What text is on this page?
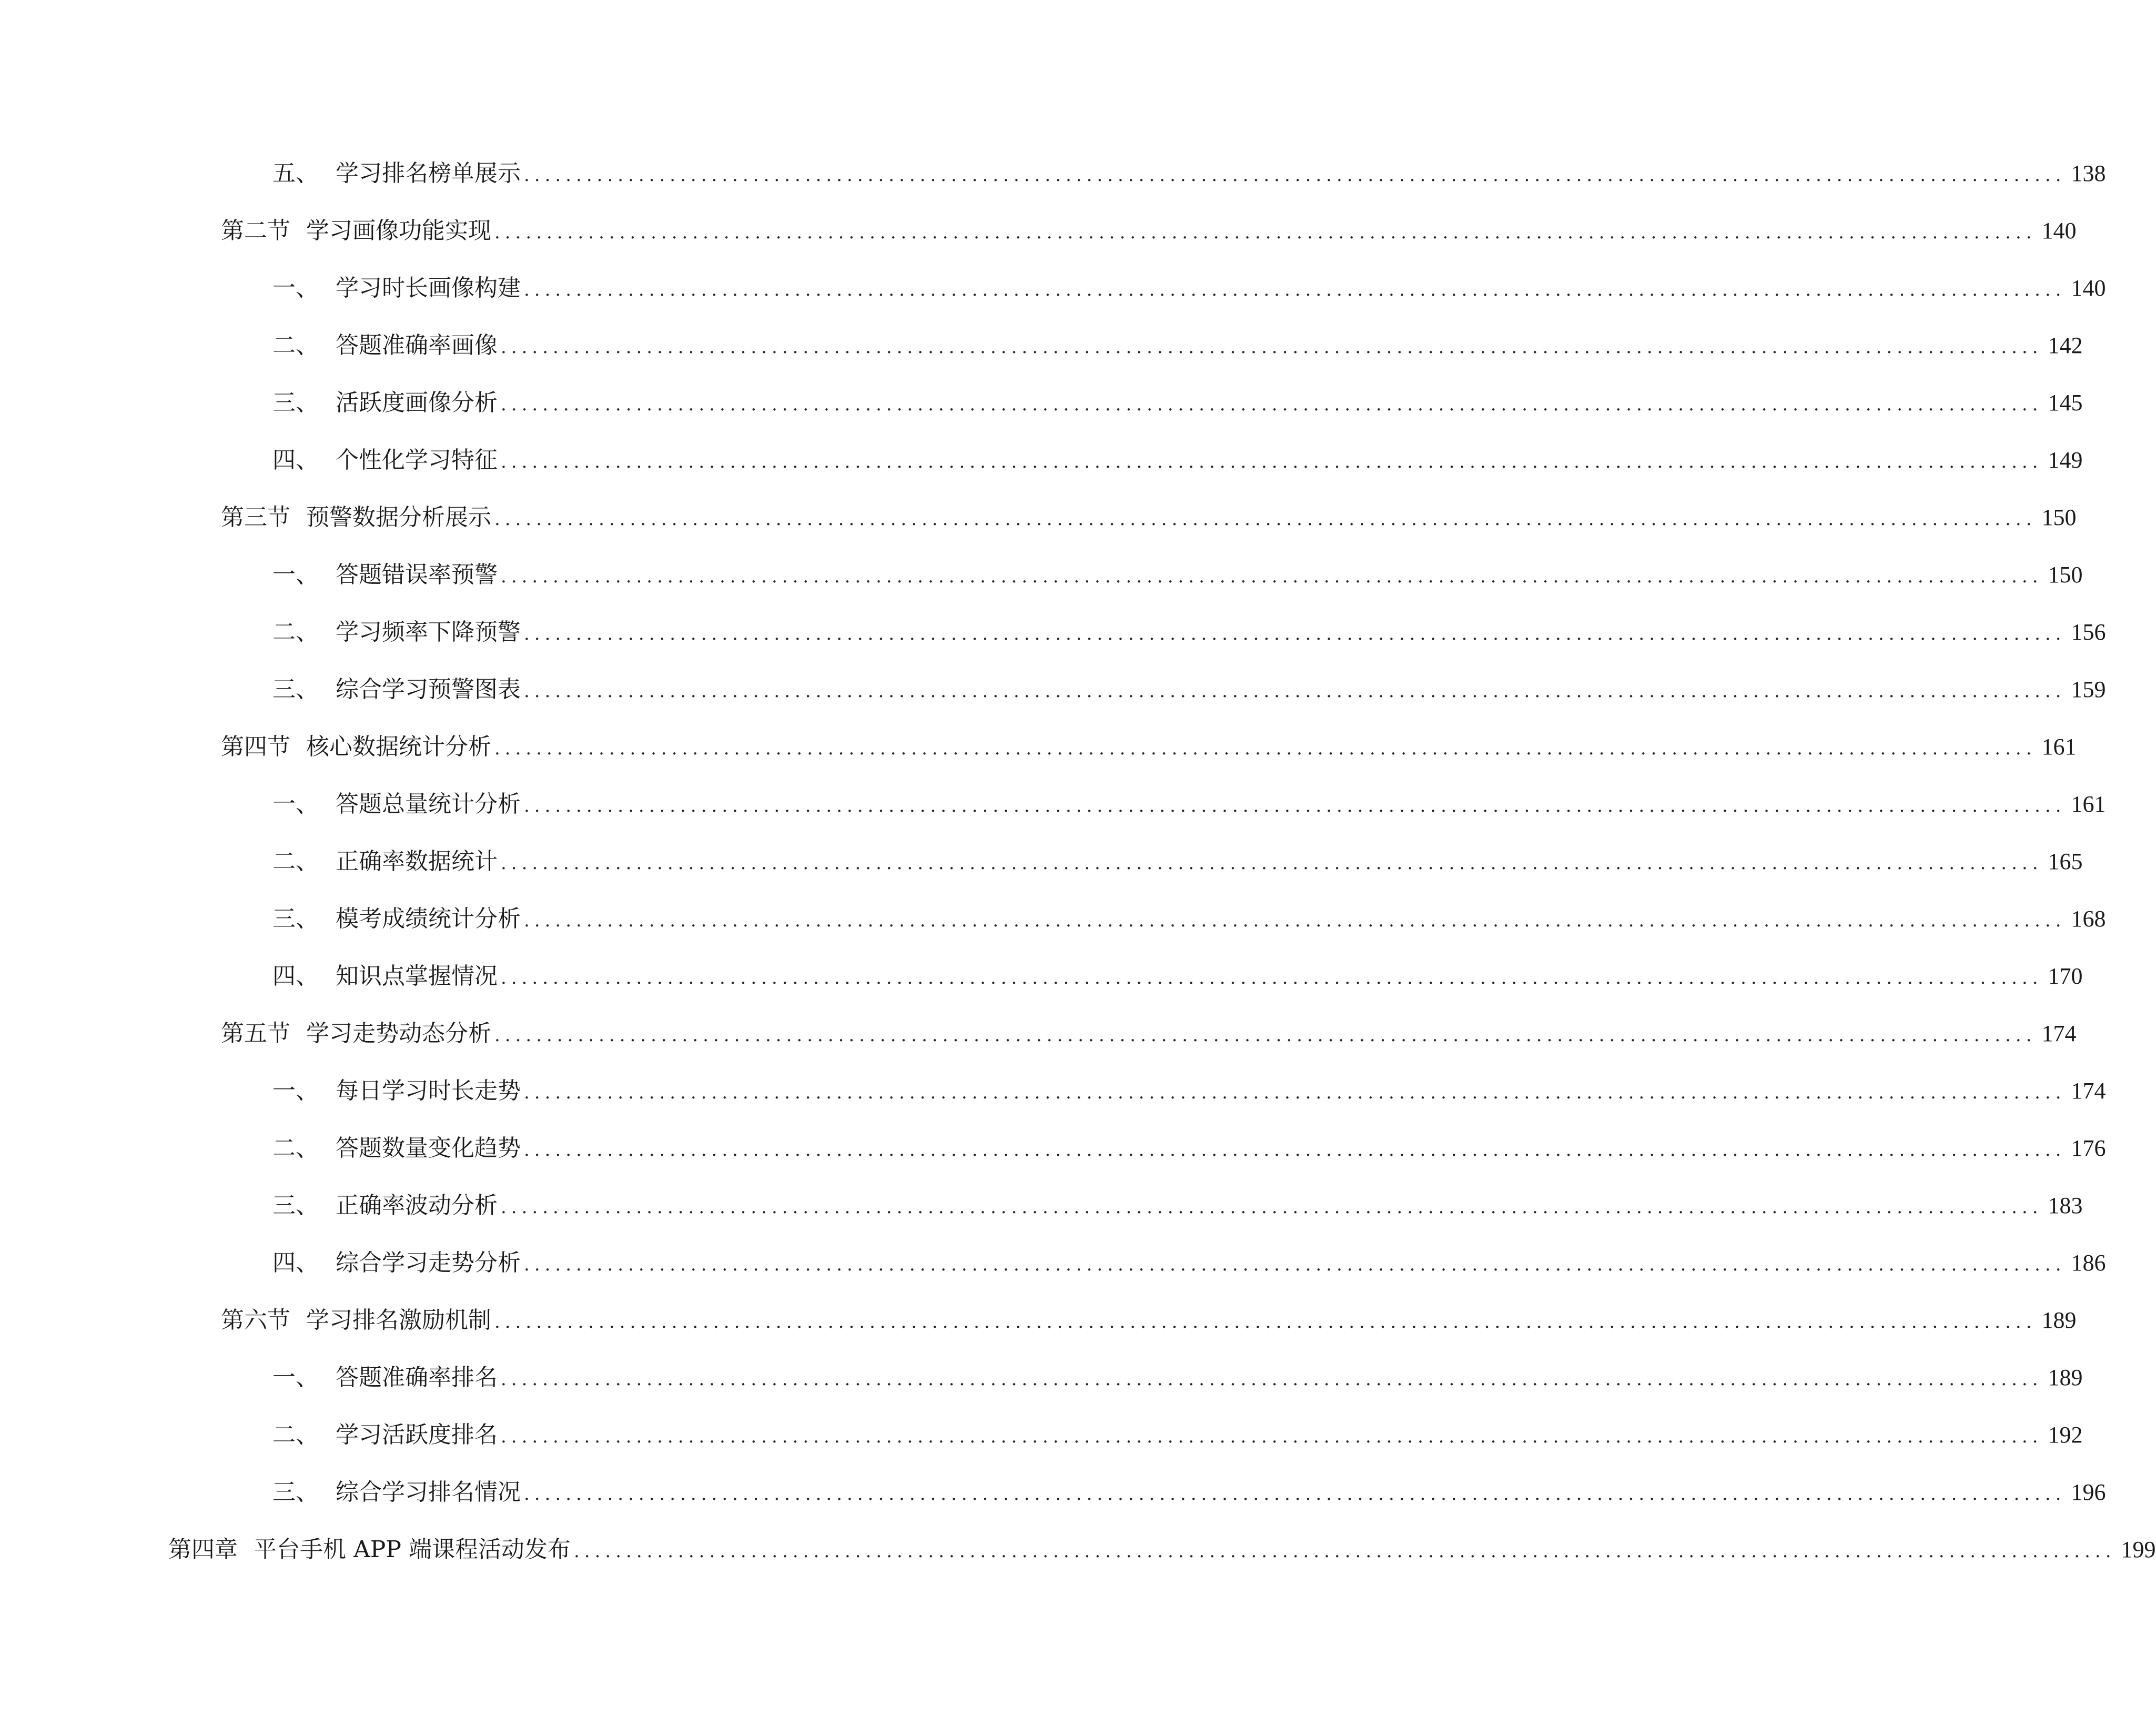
五、 学习排名榜单展示 .................................................................................................................................................... 138
第二节 学习画像功能实现 .................................................................................................................................................... 140
一、 学习时长画像构建 .................................................................................................................................................... 140
二、 答题准确率画像 .................................................................................................................................................... 142
三、 活跃度画像分析 .................................................................................................................................................... 145
四、 个性化学习特征 .................................................................................................................................................... 149
第三节 预警数据分析展示 .................................................................................................................................................... 150
一、 答题错误率预警 .................................................................................................................................................... 150
二、 学习频率下降预警 .................................................................................................................................................... 156
三、 综合学习预警图表 .................................................................................................................................................... 159
第四节 核心数据统计分析 .................................................................................................................................................... 161
一、 答题总量统计分析 .................................................................................................................................................... 161
二、 正确率数据统计 .................................................................................................................................................... 165
三、 模考成绩统计分析 .................................................................................................................................................... 168
四、 知识点掌握情况 .................................................................................................................................................... 170
第五节 学习走势动态分析 .................................................................................................................................................... 174
一、 每日学习时长走势 .................................................................................................................................................... 174
二、 答题数量变化趋势 .................................................................................................................................................... 176
三、 正确率波动分析 .................................................................................................................................................... 183
四、 综合学习走势分析 .................................................................................................................................................... 186
第六节 学习排名激励机制 .................................................................................................................................................... 189
一、 答题准确率排名 .................................................................................................................................................... 189
二、 学习活跃度排名 .................................................................................................................................................... 192
三、 综合学习排名情况 .................................................................................................................................................... 196
第四章 平台手机 APP 端课程活动发布 .................................................................................................................................................... 199
